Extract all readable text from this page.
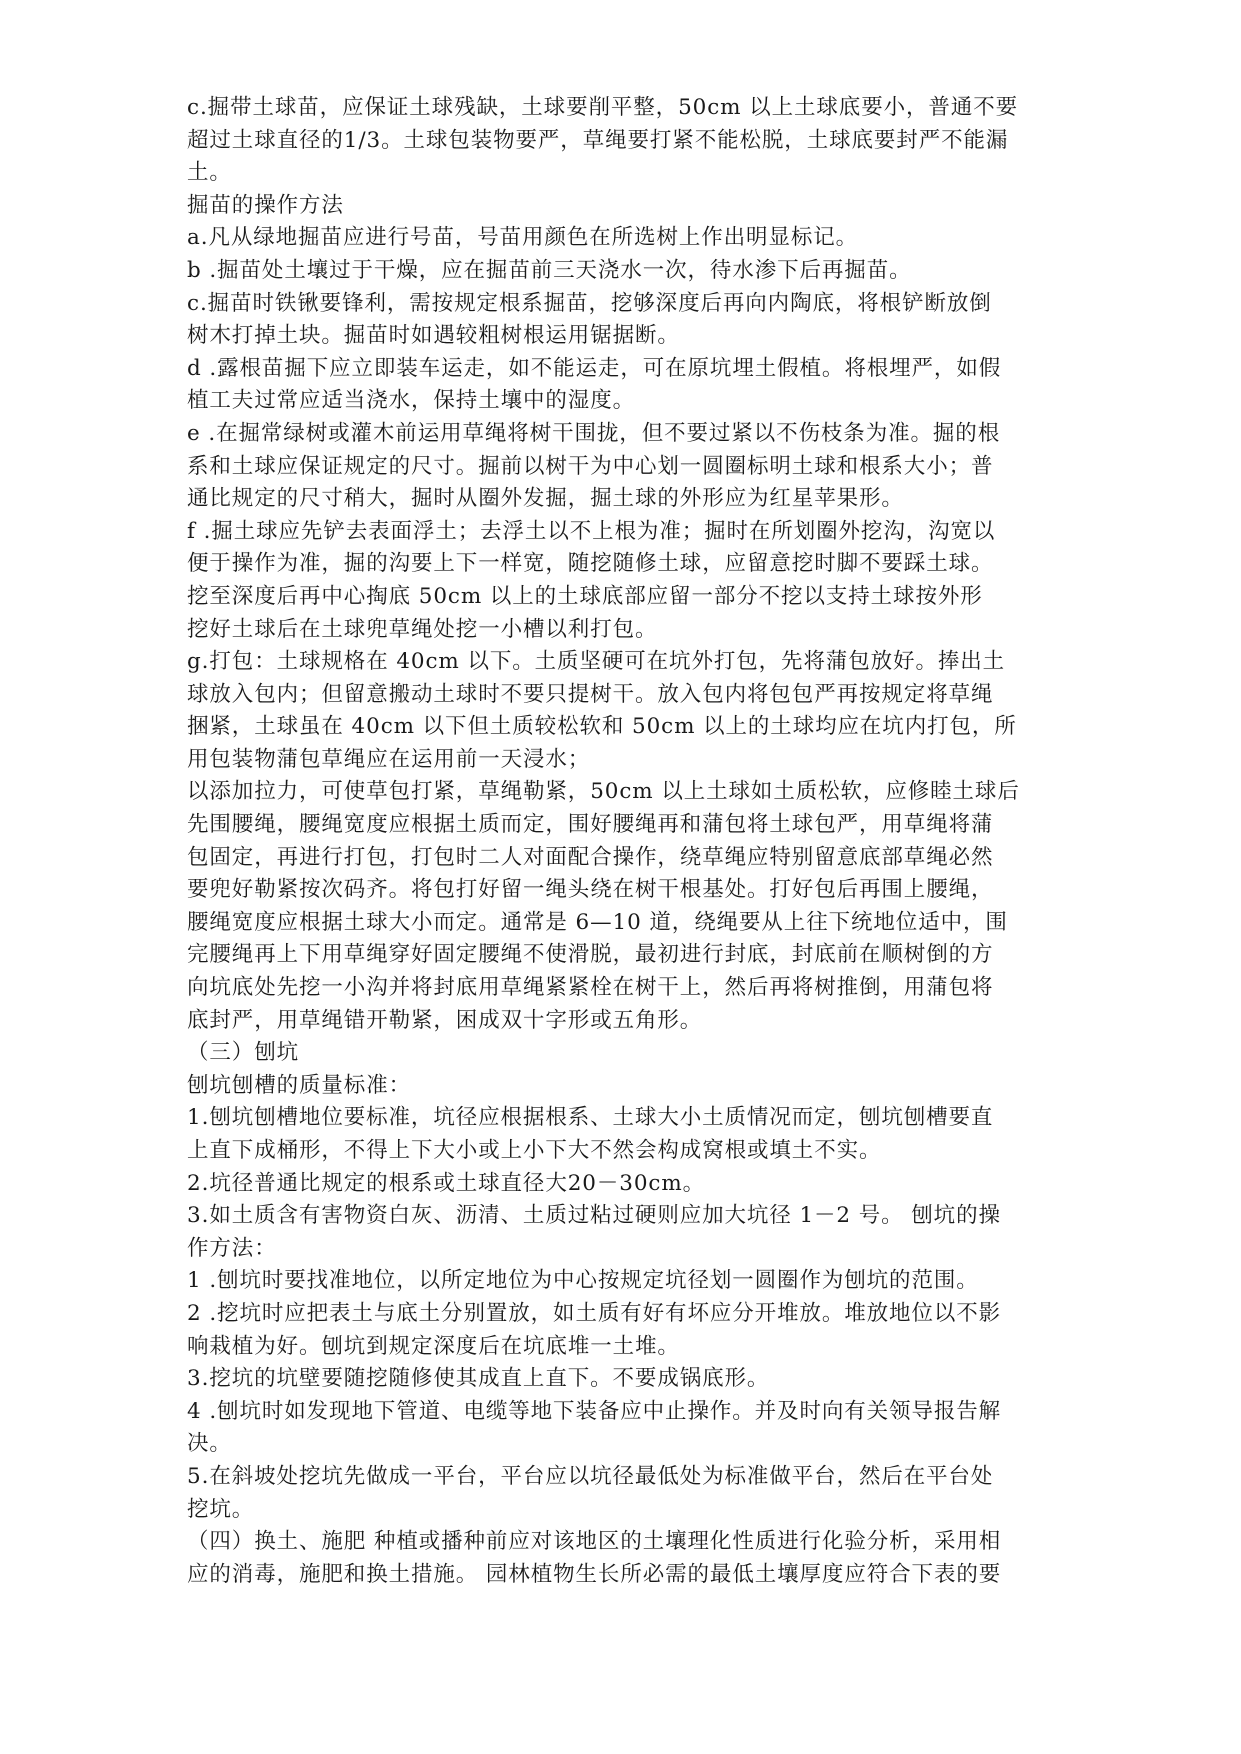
c.掘带土球苗，应保证土球残缺，土球要削平整，50cm 以上土球底要小，普通不要
超过土球直径的1/3。土球包装物要严，草绳要打紧不能松脱，土球底要封严不能漏
土。
掘苗的操作方法
a.凡从绿地掘苗应进行号苗，号苗用颜色在所选树上作出明显标记。
b .掘苗处土壤过于干燥，应在掘苗前三天浇水一次，待水渗下后再掘苗。
c.掘苗时铁锹要锋利，需按规定根系掘苗，挖够深度后再向内陶底，将根铲断放倒
树木打掉土块。掘苗时如遇较粗树根运用锯据断。
d .露根苗掘下应立即装车运走，如不能运走，可在原坑埋土假植。将根埋严，如假
植工夫过常应适当浇水，保持土壤中的湿度。
e .在掘常绿树或灌木前运用草绳将树干围拢，但不要过紧以不伤枝条为准。掘的根
系和土球应保证规定的尺寸。掘前以树干为中心划一圆圈标明土球和根系大小；普
通比规定的尺寸稍大，掘时从圈外发掘，掘土球的外形应为红星苹果形。
f .掘土球应先铲去表面浮土；去浮土以不上根为准；掘时在所划圈外挖沟，沟宽以
便于操作为准，掘的沟要上下一样宽，随挖随修土球，应留意挖时脚不要踩土球。
挖至深度后再中心掏底 50cm 以上的土球底部应留一部分不挖以支持土球按外形
挖好土球后在土球兜草绳处挖一小槽以利打包。
g.打包：土球规格在 40cm 以下。土质坚硬可在坑外打包，先将蒲包放好。捧出土
球放入包内；但留意搬动土球时不要只提树干。放入包内将包包严再按规定将草绳
捆紧，土球虽在 40cm 以下但土质较松软和 50cm 以上的土球均应在坑内打包，所
用包装物蒲包草绳应在运用前一天浸水；
以添加拉力，可使草包打紧，草绳勒紧，50cm 以上土球如土质松软，应修睦土球后
先围腰绳，腰绳宽度应根据土质而定，围好腰绳再和蒲包将土球包严，用草绳将蒲
包固定，再进行打包，打包时二人对面配合操作，绕草绳应特别留意底部草绳必然
要兜好勒紧按次码齐。将包打好留一绳头绕在树干根基处。打好包后再围上腰绳，
腰绳宽度应根据土球大小而定。通常是 6—10 道，绕绳要从上往下统地位适中，围
完腰绳再上下用草绳穿好固定腰绳不使滑脱，最初进行封底，封底前在顺树倒的方
向坑底处先挖一小沟并将封底用草绳紧紧栓在树干上，然后再将树推倒，用蒲包将
底封严，用草绳错开勒紧，困成双十字形或五角形。
（三）刨坑
刨坑刨槽的质量标准：
1.刨坑刨槽地位要标准，坑径应根据根系、土球大小土质情况而定，刨坑刨槽要直
上直下成桶形，不得上下大小或上小下大不然会构成窝根或填土不实。
2.坑径普通比规定的根系或土球直径大20－30cm。
3.如土质含有害物资白灰、沥清、土质过粘过硬则应加大坑径 1－2 号。 刨坑的操
作方法：
1 .刨坑时要找准地位，以所定地位为中心按规定坑径划一圆圈作为刨坑的范围。
2 .挖坑时应把表土与底土分别置放，如土质有好有坏应分开堆放。堆放地位以不影
响栽植为好。刨坑到规定深度后在坑底堆一土堆。
3.挖坑的坑壁要随挖随修使其成直上直下。不要成锅底形。
4 .刨坑时如发现地下管道、电缆等地下装备应中止操作。并及时向有关领导报告解
决。
5.在斜坡处挖坑先做成一平台，平台应以坑径最低处为标准做平台，然后在平台处
挖坑。
（四）换土、施肥 种植或播种前应对该地区的土壤理化性质进行化验分析，采用相
应的消毒，施肥和换土措施。 园林植物生长所必需的最低土壤厚度应符合下表的要
